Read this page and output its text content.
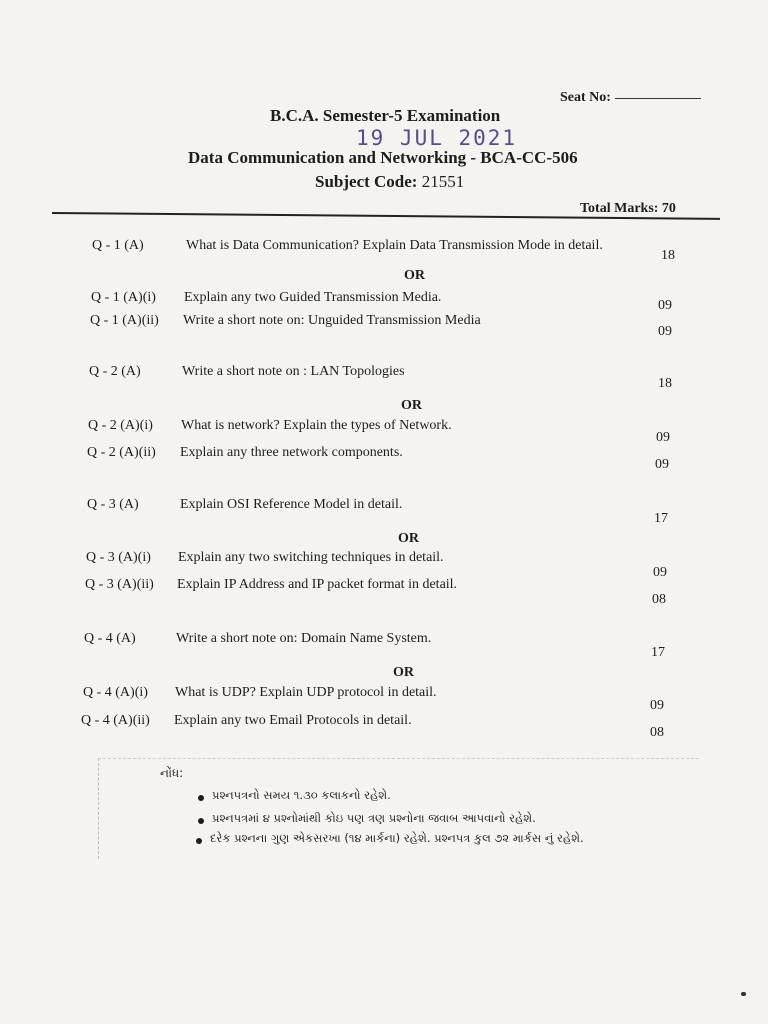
Seat No:
B.C.A. Semester-5 Examination
19 JUL 2021
Data Communication and Networking - BCA-CC-506
Subject Code: 21551
Total Marks: 70
Q - 1 (A)	What is Data Communication? Explain Data Transmission Mode in detail.
18
OR
Q - 1 (A)(i) Explain any two Guided Transmission Media.
09
Q - 1 (A)(ii) Write a short note on: Unguided Transmission Media
09
Q - 2 (A)	Write a short note on : LAN Topologies
18
OR
Q - 2 (A)(i) What is network? Explain the types of Network.
09
Q - 2 (A)(ii) Explain any three network components.
09
Q - 3 (A)	Explain OSI Reference Model in detail.
17
OR
Q - 3 (A)(i) Explain any two switching techniques in detail.
09
Q - 3 (A)(ii) Explain IP Address and IP packet format in detail.
08
Q - 4 (A)	Write a short note on: Domain Name System.
17
OR
Q - 4 (A)(i) What is UDP? Explain UDP protocol in detail.
09
Q - 4 (A)(ii) Explain any two Email Protocols in detail.
08
નોંધ:
પ્રશ્નપત્રનો સમય ૧.૩૦ કલાકનો રહેશે.
પ્રશ્નપત્રમાં ૪ પ્રશ્નોમાંથી કોઇ પણ ત્રણ પ્રશ્નોના જવાબ આપવાનો રહેશે.
દરેક પ્રશ્નના ગુણ એકસરખા (૧૪ માર્કના) રહેશે. પ્રશ્નપત્ર કુલ ૭૨ માર્કસ નું રહેશે.
